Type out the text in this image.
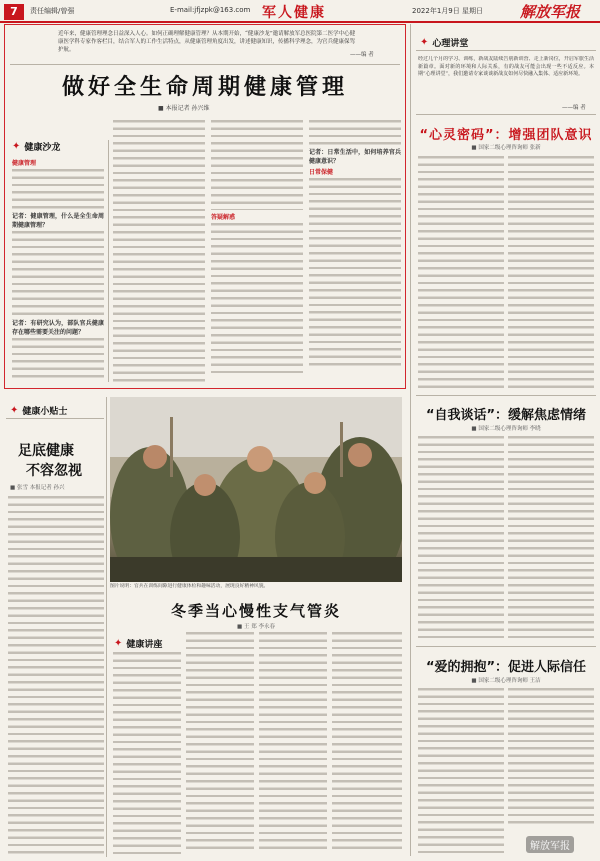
7	责任编辑/曾强	E-mail:jfjzpk@163.com 军人健康	2022年1月9日 星期日 解放军报
近年来，健康管理理念日益深入人心。如何正确理解健康管理？从本期开始，“健康沙龙”邀请解放军总医院第二医学中心健康医学科专家作客栏目，结合军人的工作生活特点，从健康管理角度出发，讲述健康知识，传播科学理念，为官兵健康保驾护航。
——编 者
做好全生命周期健康管理
■ 本报记者 孙兴维
✦ 健康沙龙
健康管理
记者：健康管理，什么是全生命周期健康管理？
记者：有研究认为，部队官兵健康存在哪些需要关注的问题？
答疑解惑
记者：日常生活中，如何培养官兵健康意识？
日常保健
✦ 心理讲堂
经过几个月的学习、训练，新战友陆续告别新训营、走上新岗位，开启军旅生活新篇章。面对新的环境和人际关系，有的战友可能会出现一些不适反应。本期“心理讲堂”，我们邀请专家谈谈新战友如何尽快融入集体、适应新环境。
——编 者
“心灵密码”：增强团队意识
■ 国家二级心理咨询师 张新
“自我谈话”：缓解焦虑情绪
■ 国家二级心理咨询师 李晓
“爱的拥抱”：促进人际信任
■ 国家二级心理咨询师 王洁
✦ 健康小贴士
足底健康
不容忽视
■ 张雪 本报记者 孙兴
图片说明：官兵在训练间隙进行健康体检和趣味活动，展现良好精神风貌。
冬季当心慢性支气管炎
■ 王 郑 李永春
✦ 健康讲座
解放军报
